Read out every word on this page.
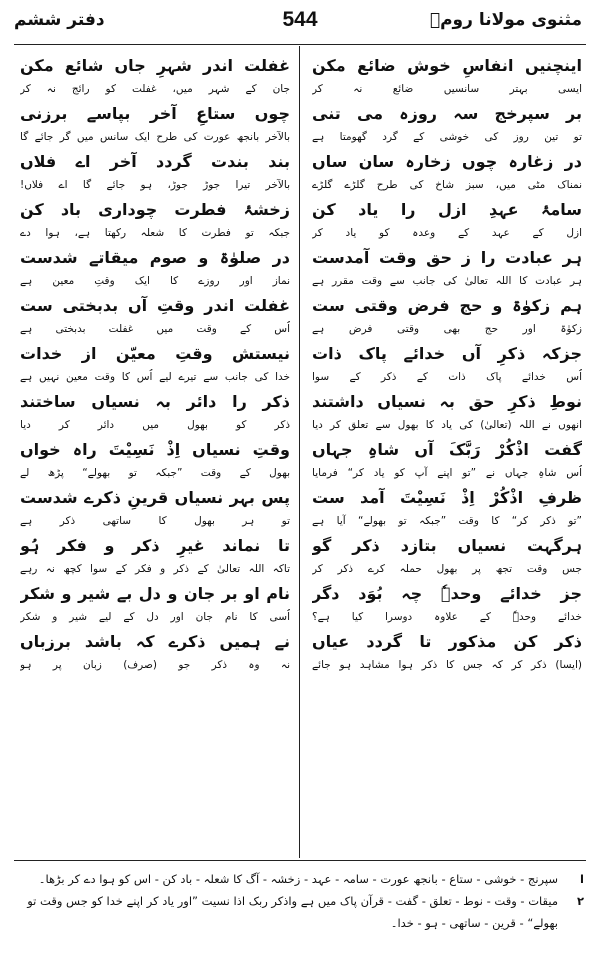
مثنوی مولانا رومؒ
544
دفتر ششم
اینچنیں انفاسِ خوش ضائع مکن
ایسی بہتر سانسیں ضائع نہ کر
بر سپرخج سہ روزہ می تنی
تو تین روز کی خوشی کے گرد گھومتا ہے
در زغارہ چوں زخارہ سان ساں
نمناک مٹی میں، سبز شاخ کی طرح گلڑے گلڑے
سامۂ عہدِ ازل را یاد کن
ازل کے عہد کے وعدہ کو یاد کر
ہر عبادت را ز حق وقت آمدست
ہر عبادت کا اللہ تعالیٰ کی جانب سے وقت مقرر ہے
ہم زکوٰۃ و حج فرض وقتی ست
زکوٰۃ اور حج بھی وقتی فرض ہے
جزکہ ذکرِ آں خدائے پاک ذات
اُس خدائے پاک ذات کے ذکر کے سوا
نوطِ ذکرِ حق بہ نسیاں داشتند
انھوں نے اللہ (تعالیٰ) کی یاد کا بھول سے تعلق کر دیا
گفت اذْکُرْ رَبَّکَ آں شاہِ جہاں
اُس شاہِ جہاں نے ”تو اپنے آپ کو یاد کر“ فرمایا
ظرفِ اذْکُرْ اِذْ نَسِیْتَ آمد ست
”تو ذکر کر“ کا وقت ”جبکہ تو بھولے“ آیا ہے
ہرگہت نسیاں بتازد ذکر گو
جس وقت تجھ پر بھول حملہ کرے ذکر کر
جز خدائے وحدہٗ چہ بُوَد دگر
خدائے وحدہٗ کے علاوہ دوسرا کیا ہے؟
ذکر کن مذکور تا گردد عیاں
(ایسا) ذکر کر کہ جس کا ذکر ہوا مشاہد ہو جائے
غفلت اندر شہرِ جاں شائع مکن
جان کے شہر میں، غفلت کو رائج نہ کر
چوں ستاعِ آخر بپاسے برزنی
بالآخر بانجھ عورت کی طرح ایک سانس میں گر جائے گا
بند بندت گردد آخر اے فلاں
بالآخر تیرا جوڑ جوڑ، ہو جائے گا اے فلاں!
زخشۂ فطرت چوداری باد کن
جبکہ تو فطرت کا شعلہ رکھتا ہے، ہوا دے
در صلوٰۃ و صوم میقاتے شدست
نماز اور روزے کا ایک وقتِ معین ہے
غفلت اندر وقتِ آں بدبختی ست
اُس کے وقت میں غفلت بدبختی ہے
نیستش وقتِ معیّن از خدات
خدا کی جانب سے تیرے لیے اُس کا وقت معین نہیں ہے
ذکر را دائر بہ نسیاں ساختند
ذکر کو بھول میں دائر کر دیا
وقتِ نسیاں اِذْ نَسِیْتَ راہ خواں
بھول کے وقت ”جبکہ تو بھولے“ پڑھ لے
پس بہر نسیاں قرینِ ذکرے شدست
تو ہر بھول کا ساتھی ذکر ہے
تا نماند غیرِ ذکر و فکر ہُو
تاکہ اللہ تعالیٰ کے ذکر و فکر کے سوا کچھ نہ رہے
نام او بر جان و دل بے شیر و شکر
اُسی کا نام جان اور دل کے لیے شیر و شکر
نے ہمیں ذکرے کہ باشد برزباں
نہ وہ ذکر جو (صرف) زبان پر ہو
ا
سپرنج - خوشی - ستاع - بانجھ عورت - سامہ - عہد - زخشہ - آگ کا شعلہ - باد کن - اس کو ہوا دے کر بڑھا۔
۲
میقات - وقت - نوط - تعلق - گفت - قرآن پاک میں ہے واذکر ربک اذا نسیت ”اور یاد کر اپنے خدا کو جس وقت تو
بھولے“ - قرین - ساتھی - ہو - خدا۔
